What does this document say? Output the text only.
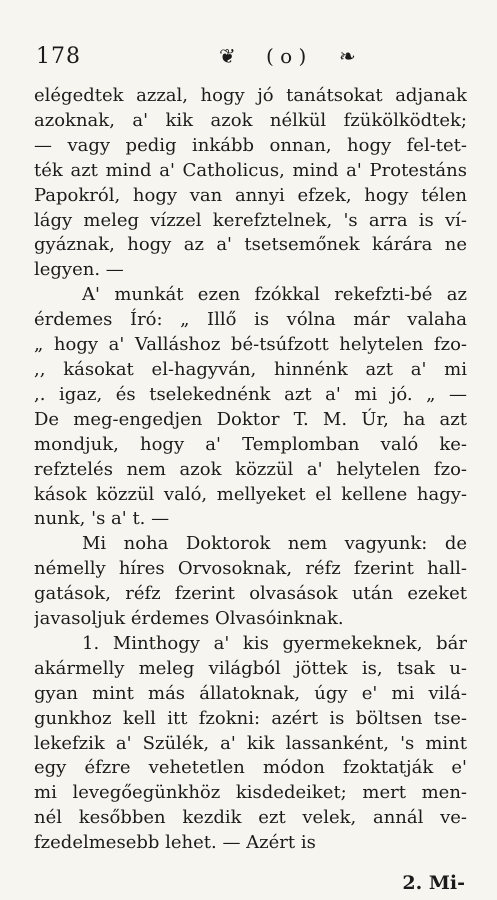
178	❦ ( o ) ❧
elégedtek azzal, hogy jó tanátsokat adjanak
azoknak, a' kik azok nélkül fzükölködtek;
— vagy pedig inkább onnan, hogy fel-tet-
ték azt mind a' Catholicus, mind a' Protestáns
Papokról, hogy van annyi efzek, hogy télen
lágy meleg vízzel kerefztelnek, 's arra is ví-
gyáznak, hogy az a' tsetsemőnek kárára ne
legyen. —
A' munkát ezen fzókkal rekefzti-bé az
érdemes Író: „ Illő is vólna már valaha
„ hogy a' Valláshoz bé-tsúfzott helytelen fzo-
,, kásokat el-hagyván, hinnénk azt a' mi
,. igaz, és tselekednénk azt a' mi jó. „ —
De meg-engedjen Doktor T. M. Úr, ha azt
mondjuk, hogy a' Templomban való ke-
refztelés nem azok közzül a' helytelen fzo-
kások közzül való, mellyeket el kellene hagy-
nunk, 's a' t. —
Mi noha Doktorok nem vagyunk: de
némelly híres Orvosoknak, réfz fzerint hall-
gatások, réfz fzerint olvasások után ezeket
javasoljuk érdemes Olvasóinknak.
1. Minthogy a' kis gyermekeknek, bár
akármelly meleg világból jöttek is, tsak u-
gyan mint más állatoknak, úgy e' mi vilá-
gunkhoz kell itt fzokni: azért is böltsen tse-
lekefzik a' Szülék, a' kik lassanként, 's mint
egy éfzre vehetetlen módon fzoktatják e'
mi levegőegünkhöz kisdedeiket; mert men-
nél kesőbben kezdik ezt velek, annál ve-
fzedelmesebb lehet. — Azért is
2. Mi-
